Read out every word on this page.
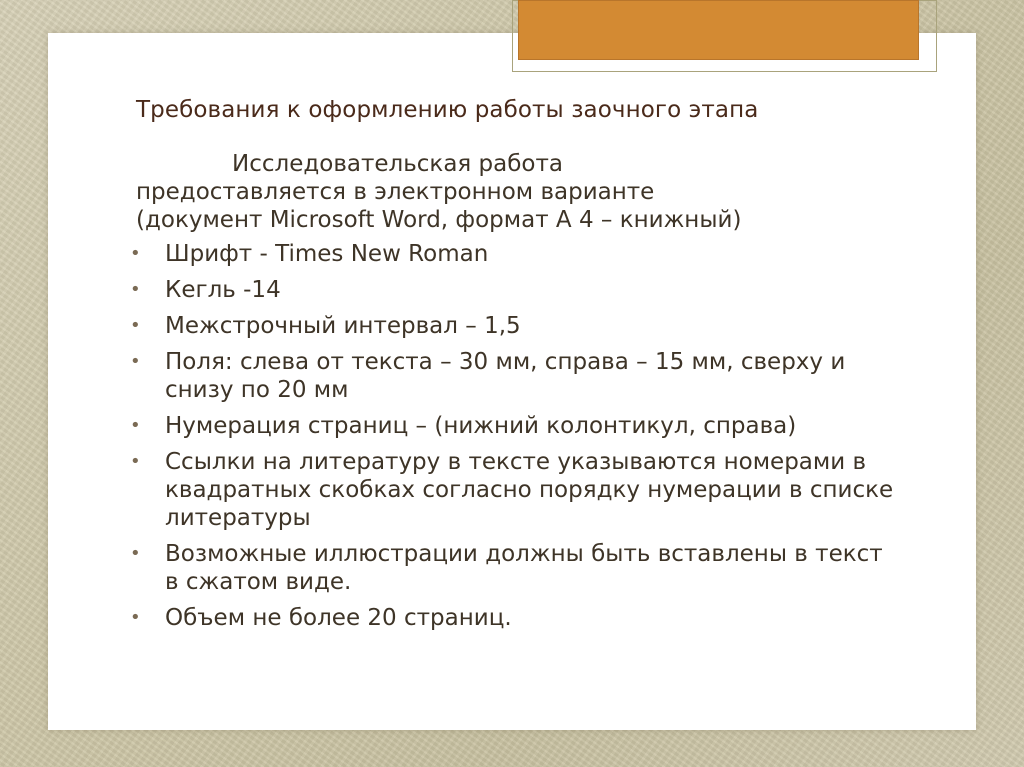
Требования к оформлению работы заочного этапа
Исследовательская работа
предоставляется в электронном варианте
(документ Microsoft Word, формат А 4 – книжный)
• Шрифт - Times New Roman
• Кегль -14
• Межстрочный интервал – 1,5
• Поля: слева от текста – 30 мм, справа – 15 мм, сверху и снизу по 20 мм
• Нумерация страниц – (нижний колонтикул, справа)
• Ссылки на литературу в тексте указываются номерами в квадратных скобках согласно порядку нумерации в списке литературы
• Возможные иллюстрации должны быть вставлены в текст в сжатом виде.
• Объем не более 20 страниц.
